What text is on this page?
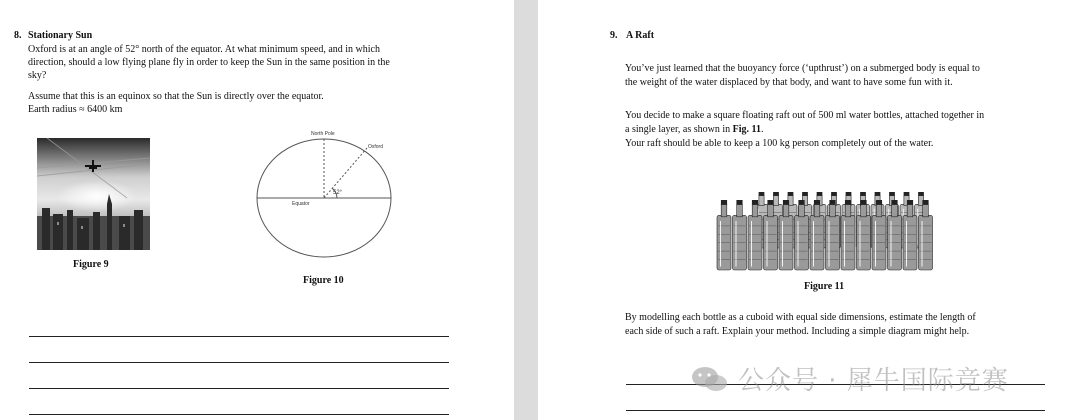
8. Stationary Sun
Oxford is at an angle of 52° north of the equator. At what minimum speed, and in which
direction, should a low flying plane fly in order to keep the Sun in the same position in the
sky?
Assume that this is an equinox so that the Sun is directly over the equator.
Earth radius ≈ 6400 km
Figure 9
North Pole
Oxford
Equator
52°
Figure 10
9. A Raft
You’ve just learned that the buoyancy force (‘upthrust’) on a submerged body is equal to
the weight of the water displaced by that body, and want to have some fun with it.
You decide to make a square floating raft out of 500 ml water bottles, attached together in
a single layer, as shown in Fig. 11.
Your raft should be able to keep a 100 kg person completely out of the water.
Figure 11
By modelling each bottle as a cuboid with equal side dimensions, estimate the length of
each side of such a raft. Explain your method. Including a simple diagram might help.
公众号 · 犀牛国际竞赛
